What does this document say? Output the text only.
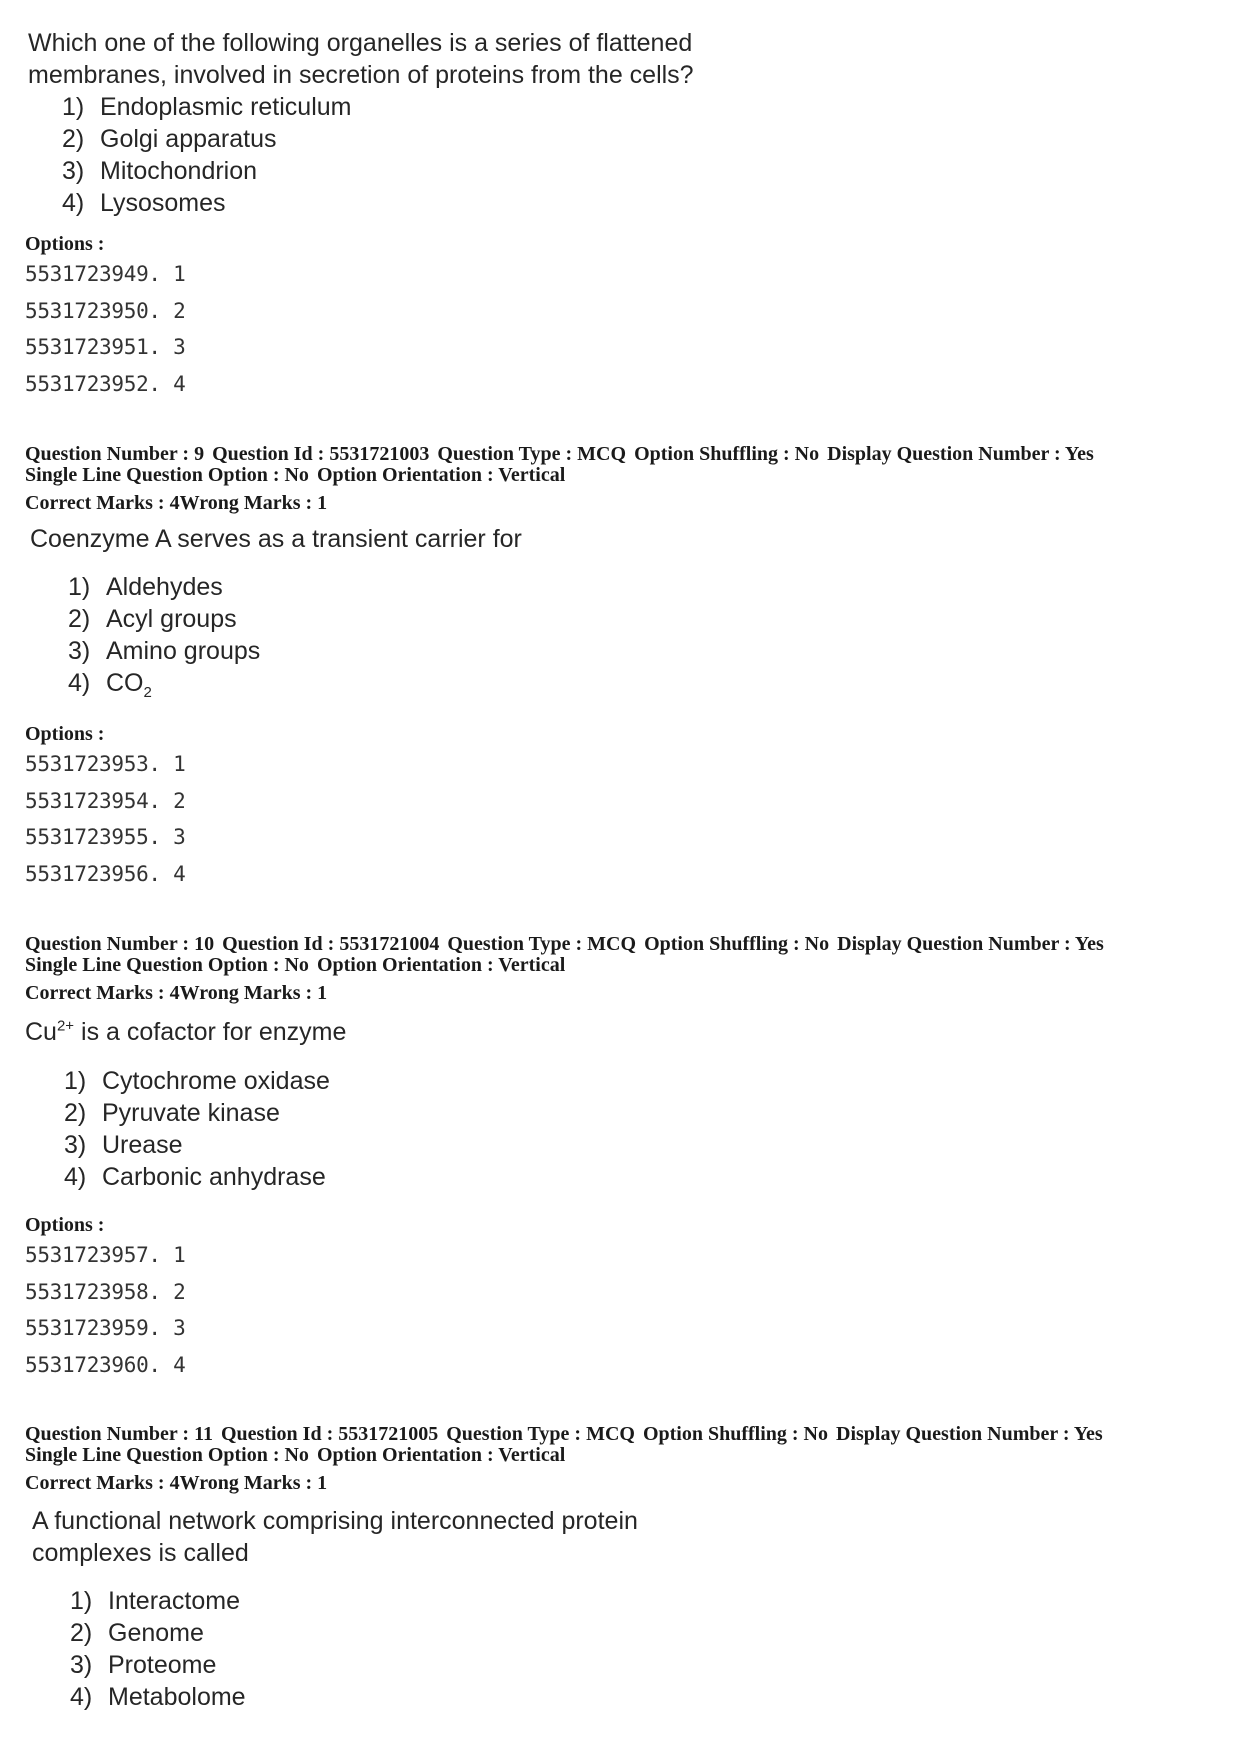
Which one of the following organelles is a series of flattened
membranes, involved in secretion of proteins from the cells?
1) Endoplasmic reticulum
2) Golgi apparatus
3) Mitochondrion
4) Lysosomes
Options :
5531723949. 1
5531723950. 2
5531723951. 3
5531723952. 4
Question Number : 9 Question Id : 5531721003 Question Type : MCQ Option Shuffling : No Display Question Number : Yes
Single Line Question Option : No Option Orientation : Vertical
Correct Marks : 4Wrong Marks : 1
Coenzyme A serves as a transient carrier for
1) Aldehydes
2) Acyl groups
3) Amino groups
4) $CO_2$
Options :
5531723953. 1
5531723954. 2
5531723955. 3
5531723956. 4
Question Number : 10 Question Id : 5531721004 Question Type : MCQ Option Shuffling : No Display Question Number : Yes
Single Line Question Option : No Option Orientation : Vertical
Correct Marks : 4Wrong Marks : 1
$Cu^{2+}$ is a cofactor for enzyme
1) Cytochrome oxidase
2) Pyruvate kinase
3) Urease
4) Carbonic anhydrase
Options :
5531723957. 1
5531723958. 2
5531723959. 3
5531723960. 4
Question Number : 11 Question Id : 5531721005 Question Type : MCQ Option Shuffling : No Display Question Number : Yes
Single Line Question Option : No Option Orientation : Vertical
Correct Marks : 4Wrong Marks : 1
A functional network comprising interconnected protein
complexes is called
1) Interactome
2) Genome
3) Proteome
4) Metabolome
